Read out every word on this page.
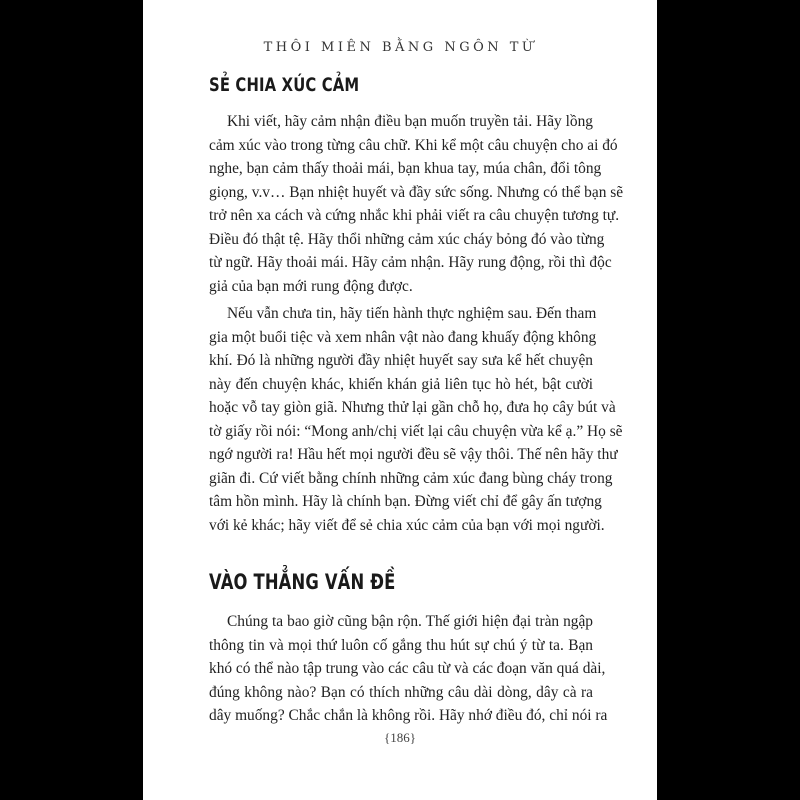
THÔI MIÊN BẰNG NGÔN TỪ
SẺ CHIA XÚC CẢM

Khi viết, hãy cảm nhận điều bạn muốn truyền tải. Hãy lồng
cảm xúc vào trong từng câu chữ. Khi kể một câu chuyện cho ai đó
nghe, bạn cảm thấy thoải mái, bạn khua tay, múa chân, đổi tông
giọng, v.v… Bạn nhiệt huyết và đầy sức sống. Nhưng có thể bạn sẽ
trở nên xa cách và cứng nhắc khi phải viết ra câu chuyện tương tự.
Điều đó thật tệ. Hãy thổi những cảm xúc cháy bỏng đó vào từng
từ ngữ. Hãy thoải mái. Hãy cảm nhận. Hãy rung động, rồi thì độc
giả của bạn mới rung động được.

Nếu vẫn chưa tin, hãy tiến hành thực nghiệm sau. Đến tham
gia một buổi tiệc và xem nhân vật nào đang khuấy động không
khí. Đó là những người đầy nhiệt huyết say sưa kể hết chuyện
này đến chuyện khác, khiến khán giả liên tục hò hét, bật cười
hoặc vỗ tay giòn giã. Nhưng thử lại gần chỗ họ, đưa họ cây bút và
tờ giấy rồi nói: “Mong anh/chị viết lại câu chuyện vừa kể ạ.” Họ sẽ
ngớ người ra! Hầu hết mọi người đều sẽ vậy thôi. Thế nên hãy thư
giãn đi. Cứ viết bằng chính những cảm xúc đang bùng cháy trong
tâm hồn mình. Hãy là chính bạn. Đừng viết chỉ để gây ấn tượng
với kẻ khác; hãy viết để sẻ chia xúc cảm của bạn với mọi người.

VÀO THẲNG VẤN ĐỀ

Chúng ta bao giờ cũng bận rộn. Thế giới hiện đại tràn ngập
thông tin và mọi thứ luôn cố gắng thu hút sự chú ý từ ta. Bạn
khó có thể nào tập trung vào các câu từ và các đoạn văn quá dài,
đúng không nào? Bạn có thích những câu dài dòng, dây cà ra
dây muống? Chắc chắn là không rồi. Hãy nhớ điều đó, chỉ nói ra

{186}
